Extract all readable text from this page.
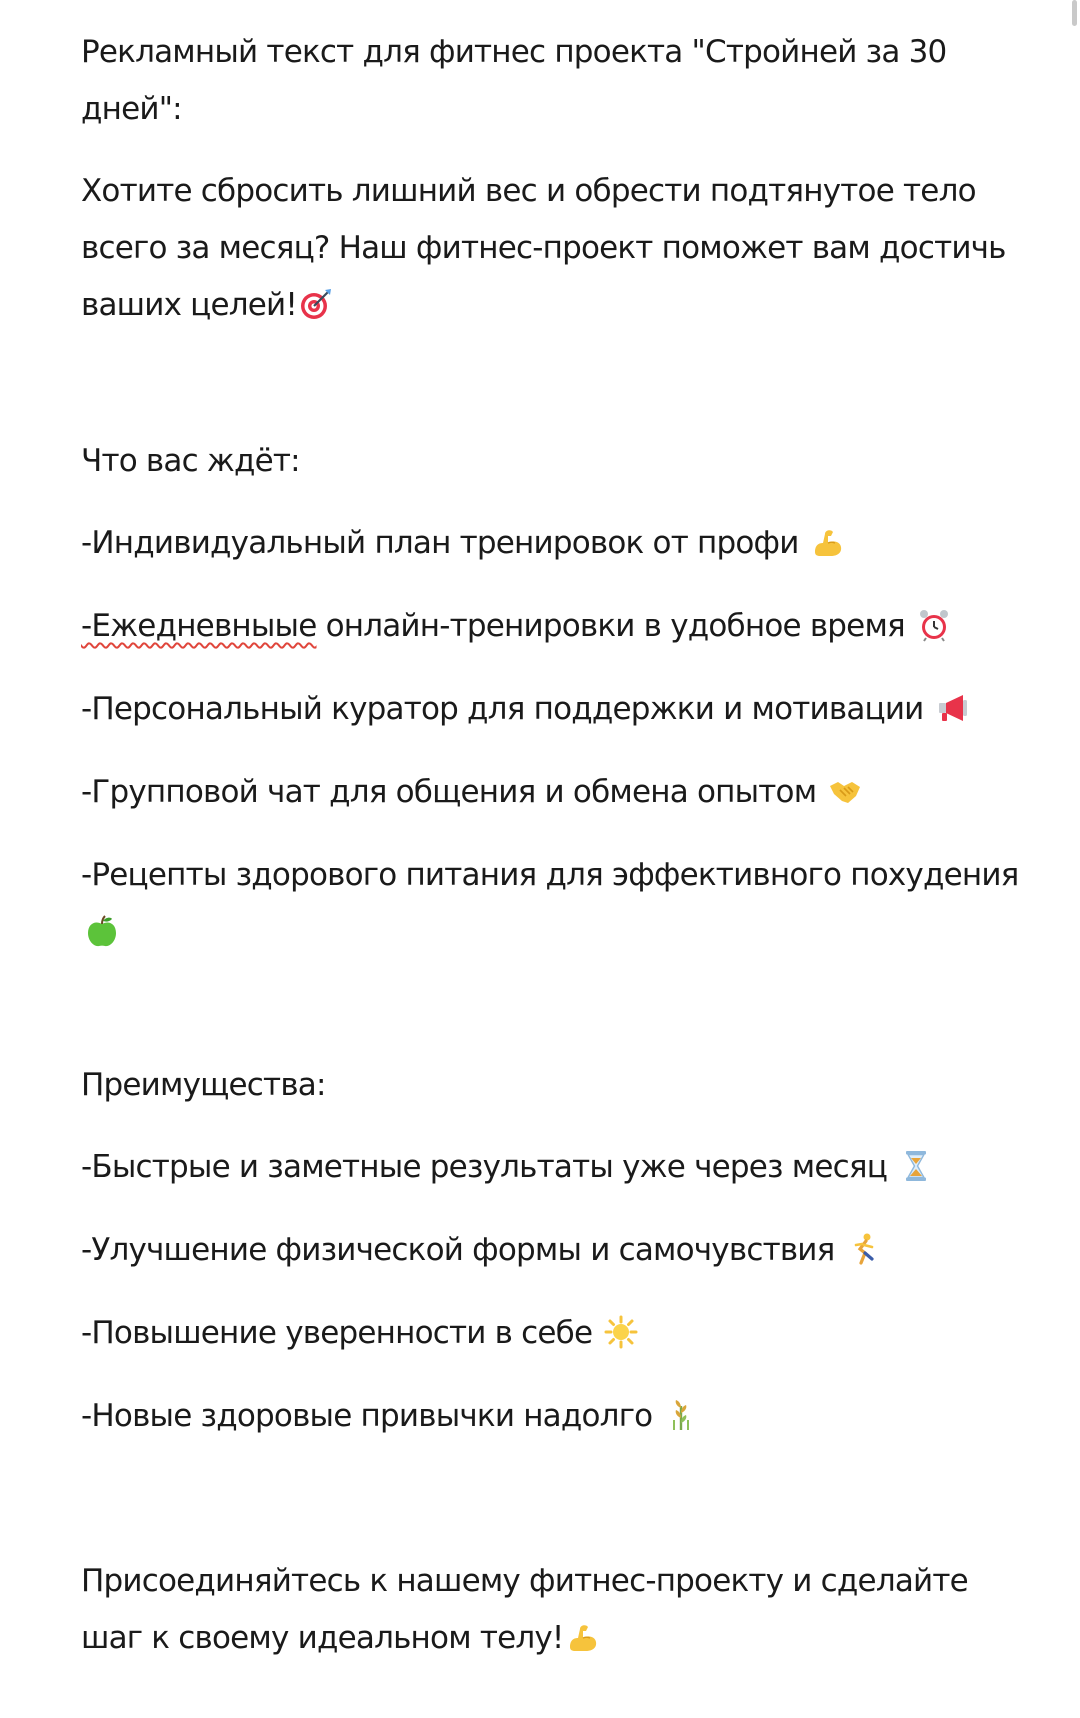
Рекламный текст для фитнес проекта "Стройней за 30

дней":

Хотите сбросить лишний вес и обрести подтянутое тело

всего за месяц? Наш фитнес-проект поможет вам достичь

ваших целей!

Что вас ждёт:

-Индивидуальный план тренировок от профи

-Ежедневныые онлайн-тренировки в удобное время

-Персональный куратор для поддержки и мотивации

-Групповой чат для общения и обмена опытом

-Рецепты здорового питания для эффективного похудения

Преимущества:

-Быстрые и заметные результаты уже через месяц

-Улучшение физической формы и самочувствия

-Повышение уверенности в себе

-Новые здоровые привычки надолго

Присоединяйтесь к нашему фитнес-проекту и сделайте

шаг к своему идеальном телу!
